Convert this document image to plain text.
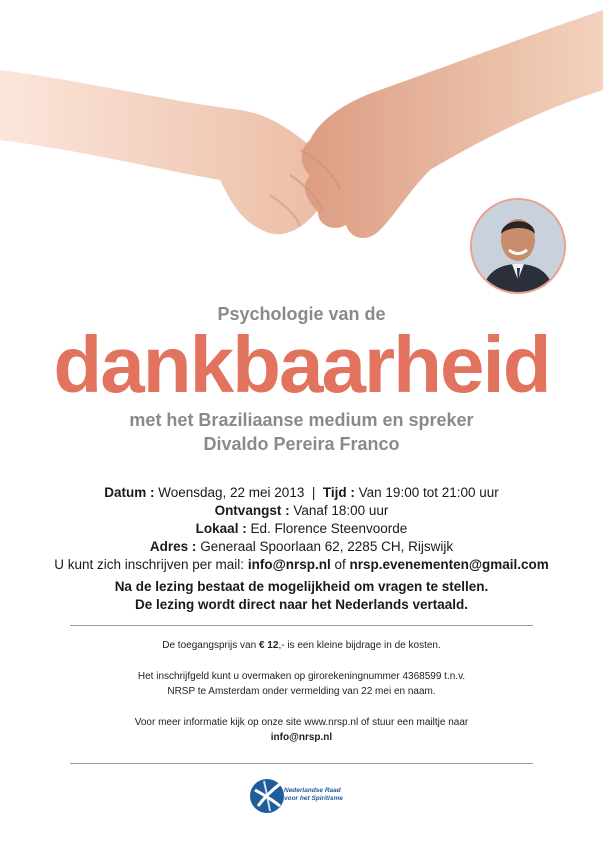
Psychologie van de
dankbaarheid
met het Braziliaanse medium en spreker
Divaldo Pereira Franco
Datum : Woensdag, 22 mei 2013 | Tijd : Van 19:00 tot 21:00 uur
Ontvangst : Vanaf 18:00 uur
Lokaal : Ed. Florence Steenvoorde
Adres : Generaal Spoorlaan 62, 2285 CH, Rijswijk
U kunt zich inschrijven per mail: info@nrsp.nl of nrsp.evenementen@gmail.com
Na de lezing bestaat de mogelijkheid om vragen te stellen.
De lezing wordt direct naar het Nederlands vertaald.
De toegangsprijs van € 12,- is een kleine bijdrage in de kosten.
Het inschrijfgeld kunt u overmaken op girorekeningnummer 4368599 t.n.v.
NRSP te Amsterdam onder vermelding van 22 mei en naam.
Voor meer informatie kijk op onze site www.nrsp.nl of stuur een mailtje naar
info@nrsp.nl
Nederlandse Raad
voor het Spiritisme
